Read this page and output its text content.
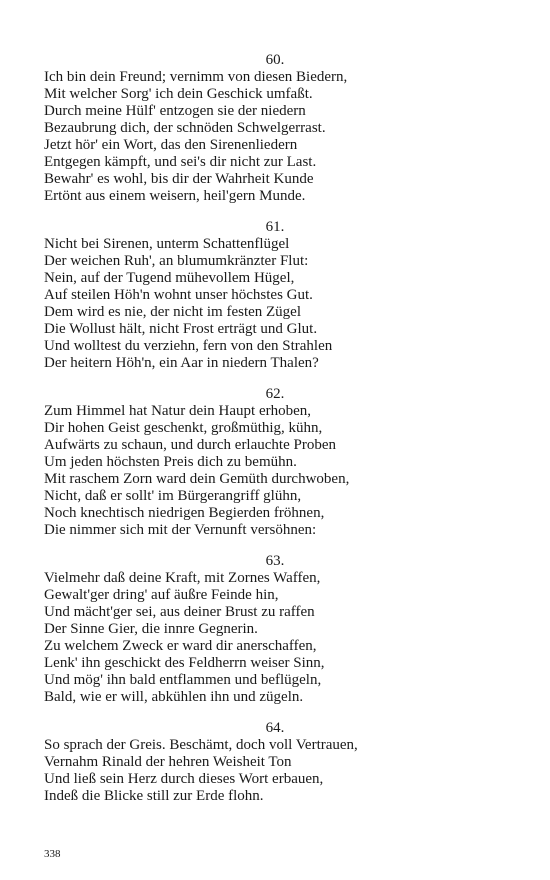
60.
Ich bin dein Freund; vernimm von diesen Biedern,
Mit welcher Sorg' ich dein Geschick umfaßt.
Durch meine Hülf' entzogen sie der niedern
Bezaubrung dich, der schnöden Schwelgerrast.
Jetzt hör' ein Wort, das den Sirenenliedern
Entgegen kämpft, und sei's dir nicht zur Last.
Bewahr' es wohl, bis dir der Wahrheit Kunde
Ertönt aus einem weisern, heil'gern Munde.
61.
Nicht bei Sirenen, unterm Schattenflügel
Der weichen Ruh', an blumumkränzter Flut:
Nein, auf der Tugend mühevollem Hügel,
Auf steilen Höh'n wohnt unser höchstes Gut.
Dem wird es nie, der nicht im festen Zügel
Die Wollust hält, nicht Frost erträgt und Glut.
Und wolltest du verziehn, fern von den Strahlen
Der heitern Höh'n, ein Aar in niedern Thalen?
62.
Zum Himmel hat Natur dein Haupt erhoben,
Dir hohen Geist geschenkt, großmüthig, kühn,
Aufwärts zu schaun, und durch erlauchte Proben
Um jeden höchsten Preis dich zu bemühn.
Mit raschem Zorn ward dein Gemüth durchwoben,
Nicht, daß er sollt' im Bürgerangriff glühn,
Noch knechtisch niedrigen Begierden fröhnen,
Die nimmer sich mit der Vernunft versöhnen:
63.
Vielmehr daß deine Kraft, mit Zornes Waffen,
Gewalt'ger dring' auf äußre Feinde hin,
Und mächt'ger sei, aus deiner Brust zu raffen
Der Sinne Gier, die innre Gegnerin.
Zu welchem Zweck er ward dir anerschaffen,
Lenk' ihn geschickt des Feldherrn weiser Sinn,
Und mög' ihn bald entflammen und beflügeln,
Bald, wie er will, abkühlen ihn und zügeln.
64.
So sprach der Greis. Beschämt, doch voll Vertrauen,
Vernahm Rinald der hehren Weisheit Ton
Und ließ sein Herz durch dieses Wort erbauen,
Indeß die Blicke still zur Erde flohn.
338
